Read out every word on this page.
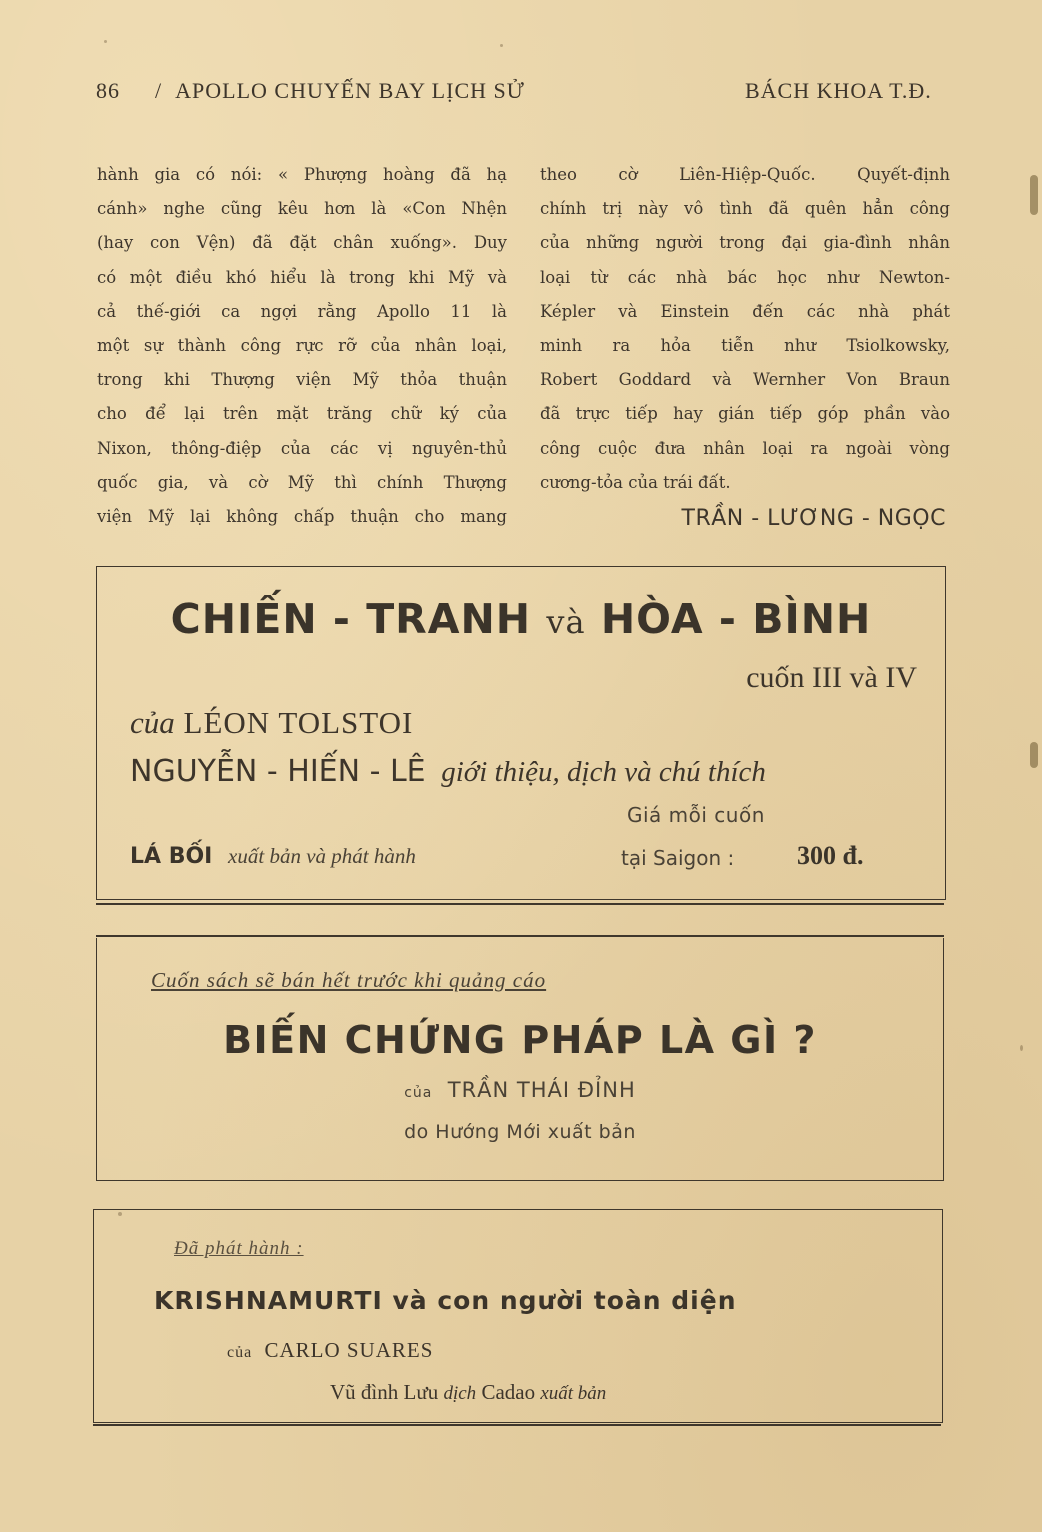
86 / APOLLO CHUYẾN BAY LỊCH SỬ	BÁCH KHOA T.Đ.
hành gia có nói: « Phượng hoàng đã hạ
cánh» nghe cũng kêu hơn là «Con Nhện
(hay con Vện) đã đặt chân xuống». Duy
có một điều khó hiểu là trong khi Mỹ và
cả thế-giới ca ngợi rằng Apollo 11 là
một sự thành công rực rỡ của nhân loại,
trong khi Thượng viện Mỹ thỏa thuận
cho để lại trên mặt trăng chữ ký của
Nixon, thông-điệp của các vị nguyên-thủ
quốc gia, và cờ Mỹ thì chính Thượng
viện Mỹ lại không chấp thuận cho mang
theo cờ Liên-Hiệp-Quốc. Quyết-định
chính trị này vô tình đã quên hẳn công
của những người trong đại gia-đình nhân
loại từ các nhà bác học như Newton-
Képler và Einstein đến các nhà phát
minh ra hỏa tiễn như Tsiolkowsky,
Robert Goddard và Wernher Von Braun
đã trực tiếp hay gián tiếp góp phần vào
công cuộc đưa nhân loại ra ngoài vòng
cương-tỏa của trái đất.
TRẦN - LƯƠNG - NGỌC
CHIẾN - TRANH và HÒA - BÌNH
cuốn III và IV
của LÉON TOLSTOI
NGUYỄN - HIẾN - LÊ giới thiệu, dịch và chú thích
Giá mỗi cuốn
LÁ BỐI xuất bản và phát hành	tại Saigon : 300 đ.
Cuốn sách sẽ bán hết trước khi quảng cáo
BIẾN CHỨNG PHÁP LÀ GÌ ?
của TRẦN THÁI ĐỈNH
do Hướng Mới xuất bản
Đã phát hành :
KRISHNAMURTI và con người toàn diện
của CARLO SUARES
Vũ đình Lưu dịch Cadao xuất bản
